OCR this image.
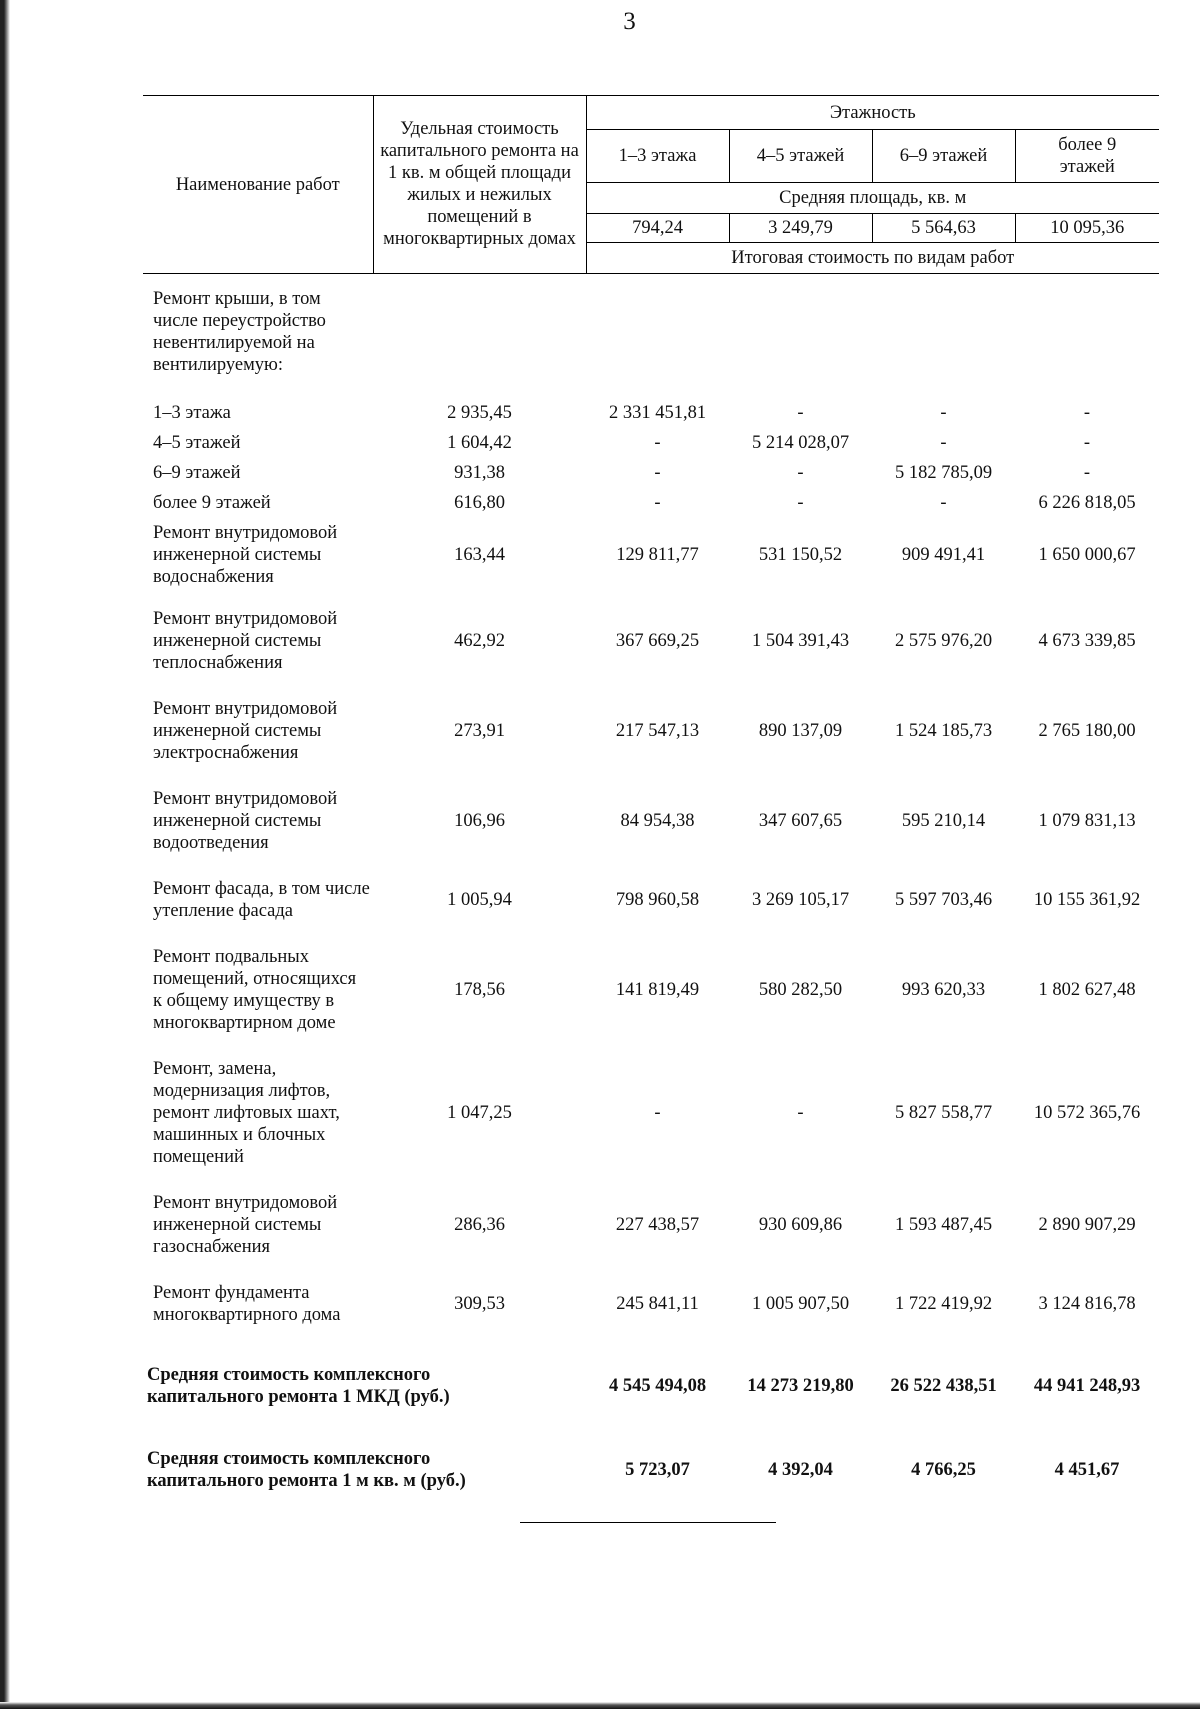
3
Наименование работ	Удельная стоимость капитального ремонта на 1 кв. м общей площади жилых и нежилых помещений в многоквартирных домах	Этажность			
		1–3 этажа	4–5 этажей	6–9 этажей	более 9 этажей
		Средняя площадь, кв. м			
		794,24	3 249,79	5 564,63	10 095,36
		Итоговая стоимость по видам работ			
Ремонт крыши, в том числе переустройство невентилируемой на вентилируемую:					
1–3 этажа	2 935,45	2 331 451,81	-	-	-
4–5 этажей	1 604,42	-	5 214 028,07	-	-
6–9 этажей	931,38	-	-	5 182 785,09	-
более 9 этажей	616,80	-	-	-	6 226 818,05
Ремонт внутридомовой инженерной системы водоснабжения	163,44	129 811,77	531 150,52	909 491,41	1 650 000,67
Ремонт внутридомовой инженерной системы теплоснабжения	462,92	367 669,25	1 504 391,43	2 575 976,20	4 673 339,85
Ремонт внутридомовой инженерной системы электроснабжения	273,91	217 547,13	890 137,09	1 524 185,73	2 765 180,00
Ремонт внутридомовой инженерной системы водоотведения	106,96	84 954,38	347 607,65	595 210,14	1 079 831,13
Ремонт фасада, в том числе утепление фасада	1 005,94	798 960,58	3 269 105,17	5 597 703,46	10 155 361,92
Ремонт подвальных помещений, относящихся к общему имуществу в многоквартирном доме	178,56	141 819,49	580 282,50	993 620,33	1 802 627,48
Ремонт, замена, модернизация лифтов, ремонт лифтовых шахт, машинных и блочных помещений	1 047,25	-	-	5 827 558,77	10 572 365,76
Ремонт внутридомовой инженерной системы газоснабжения	286,36	227 438,57	930 609,86	1 593 487,45	2 890 907,29
Ремонт фундамента многоквартирного дома	309,53	245 841,11	1 005 907,50	1 722 419,92	3 124 816,78
Средняя стоимость комплексного капитального ремонта 1 МКД (руб.)		4 545 494,08	14 273 219,80	26 522 438,51	44 941 248,93
Средняя стоимость комплексного капитального ремонта 1 м кв. м (руб.)		5 723,07	4 392,04	4 766,25	4 451,67
